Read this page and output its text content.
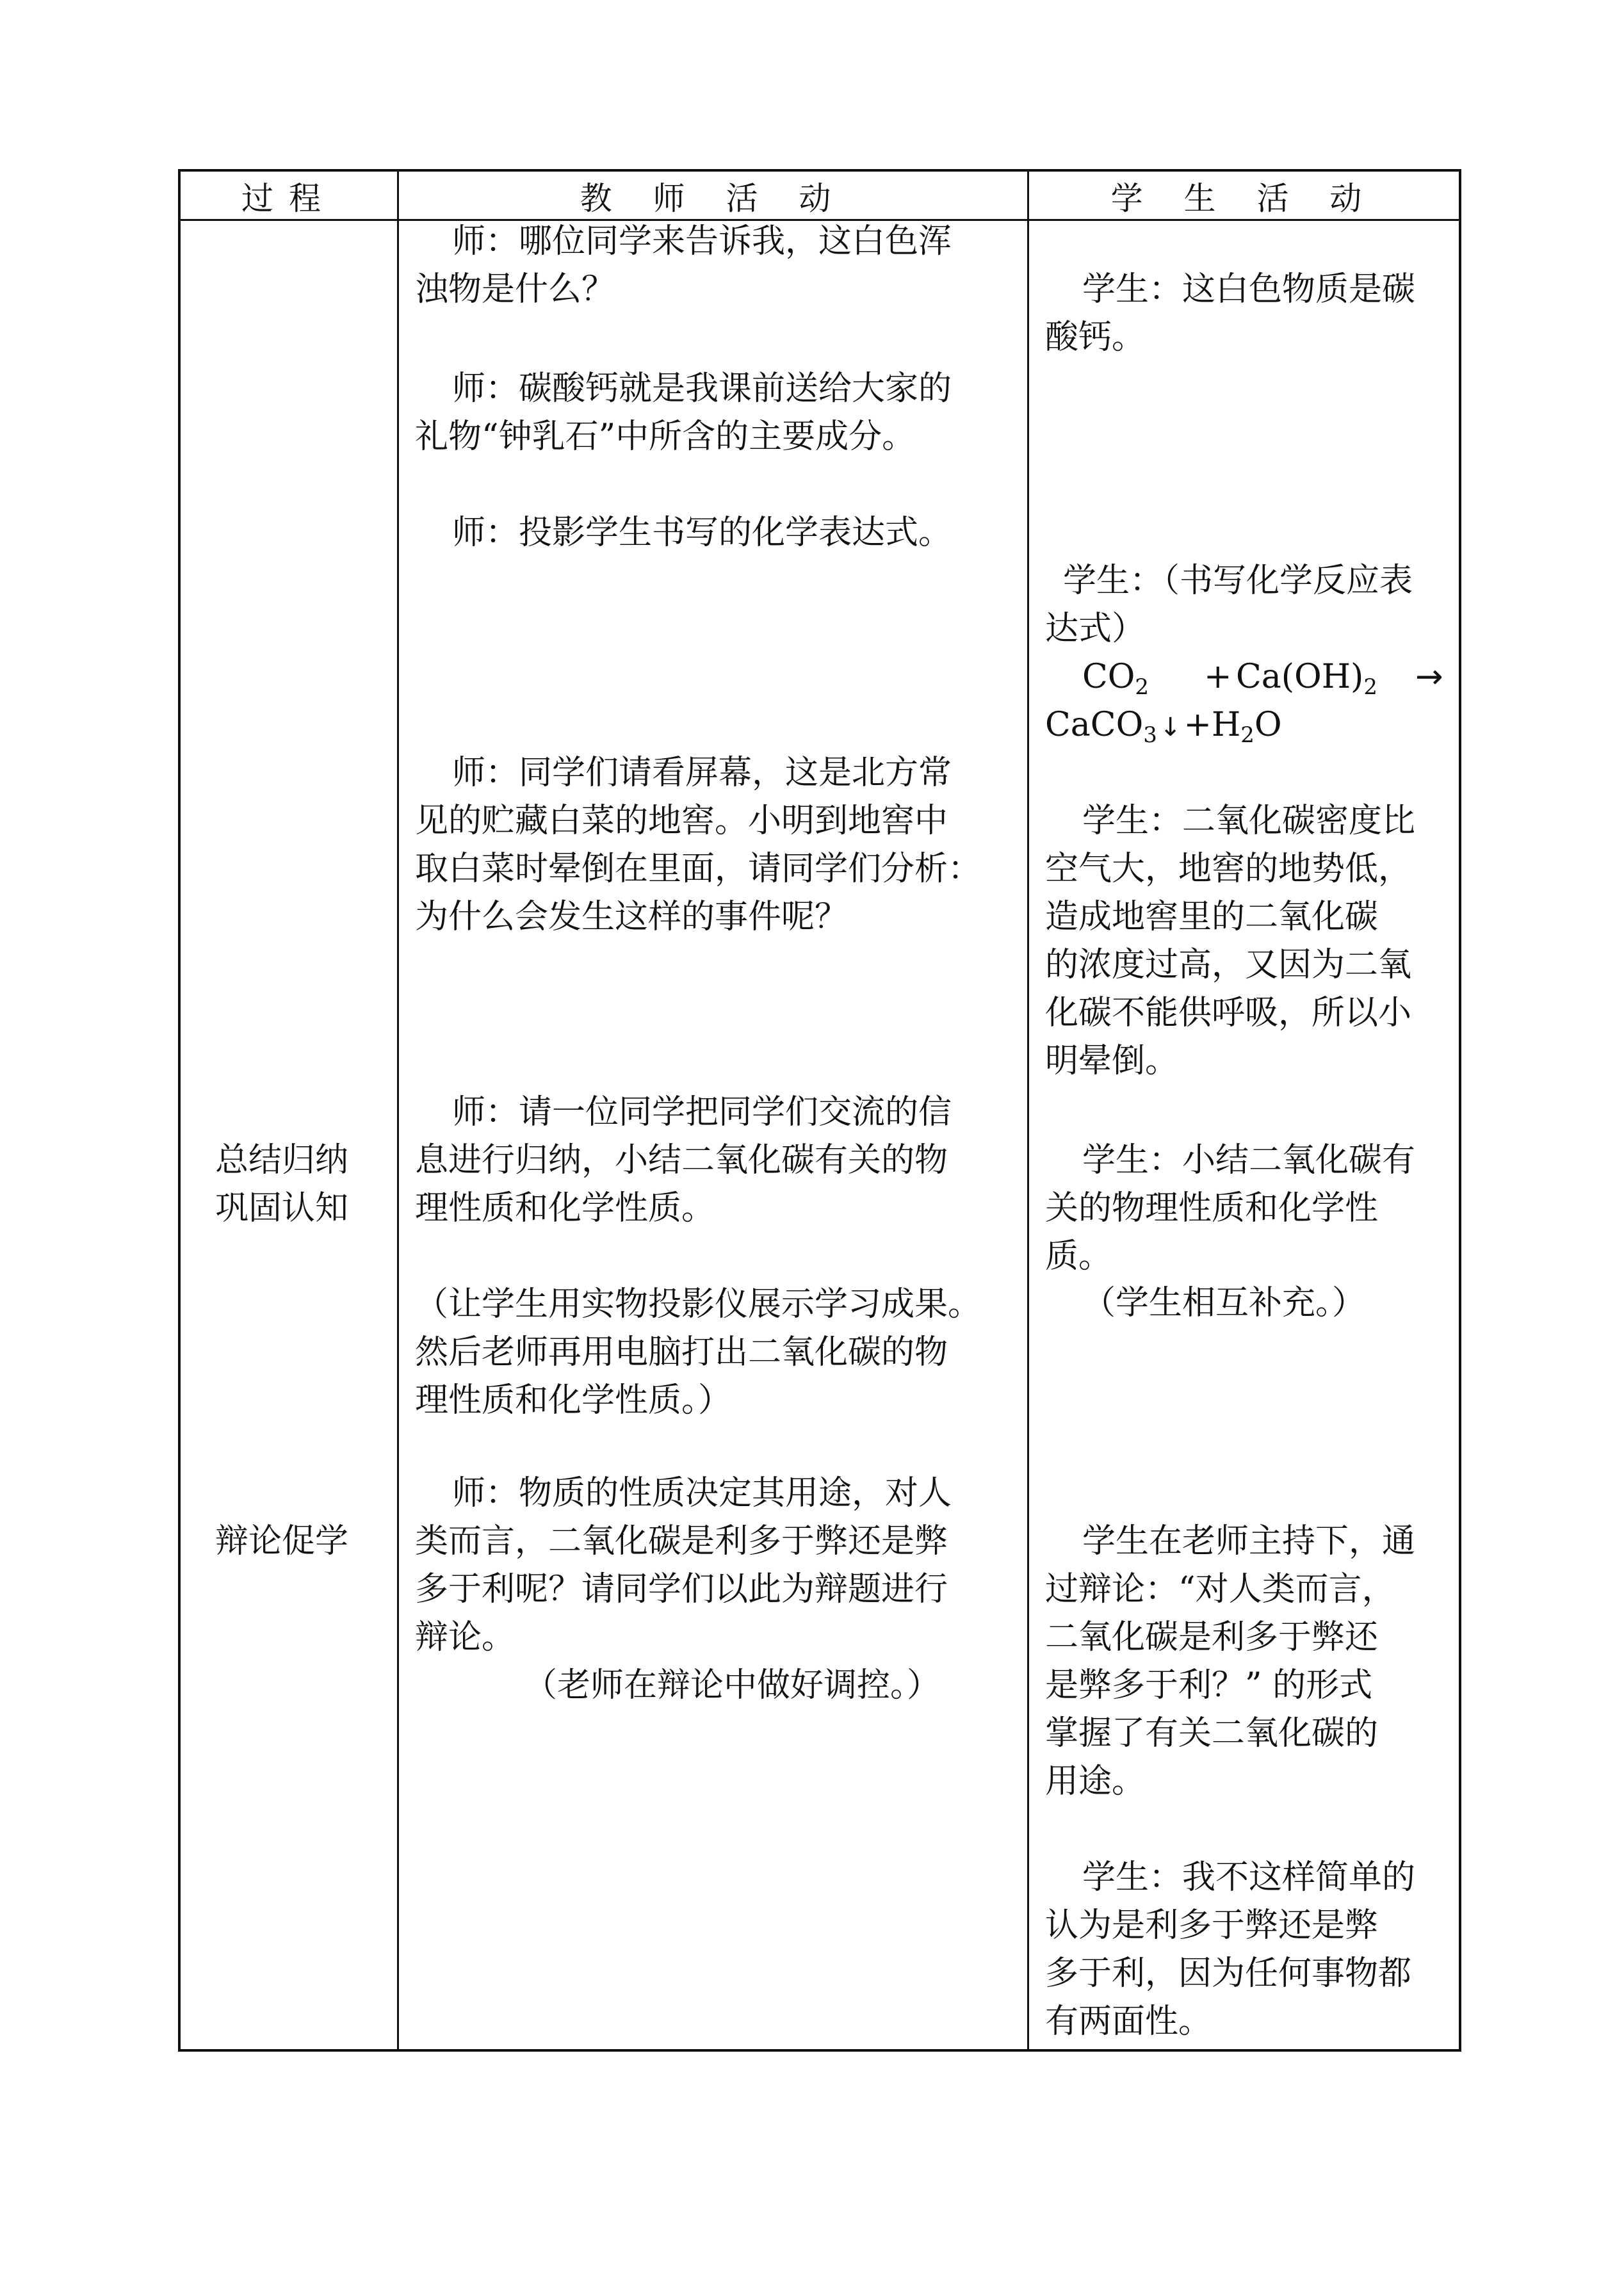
过程	教 师 活 动	学 生 活 动

总结归纳

巩固认知

辩论促学

师：哪位同学来告诉我，这白色浑

浊物是什么？

师：碳酸钙就是我课前送给大家的

礼物“钟乳石”中所含的主要成分。

师：投影学生书写的化学表达式。

师：同学们请看屏幕，这是北方常

见的贮藏白菜的地窖。小明到地窖中

取白菜时晕倒在里面，请同学们分析：

为什么会发生这样的事件呢？

师：请一位同学把同学们交流的信

息进行归纳，小结二氧化碳有关的物

理性质和化学性质。

（让学生用实物投影仪展示学习成果。

然后老师再用电脑打出二氧化碳的物

理性质和化学性质。）

师：物质的性质决定其用途，对人

类而言，二氧化碳是利多于弊还是弊

多于利呢？请同学们以此为辩题进行

辩论。

（老师在辩论中做好调控。）

学生：这白色物质是碳

酸钙。

学生：（书写化学反应表

达式）

$CO_2 + Ca(OH)_2$ →
CaCO$_3$ $↓+H_2O$

学生：二氧化碳密度比

空气大，地窖的地势低，

造成地窖里的二氧化碳

的浓度过高，又因为二氧

化碳不能供呼吸，所以小

明晕倒。

学生：小结二氧化碳有

关的物理性质和化学性

质。

（学生相互补充。）

学生在老师主持下，通

过辩论：“对人类而言，

二氧化碳是利多于弊还

是弊多于利？” 的形式

掌握了有关二氧化碳的

用途。

学生：我不这样简单的

认为是利多于弊还是弊

多于利，因为任何事物都

有两面性。
